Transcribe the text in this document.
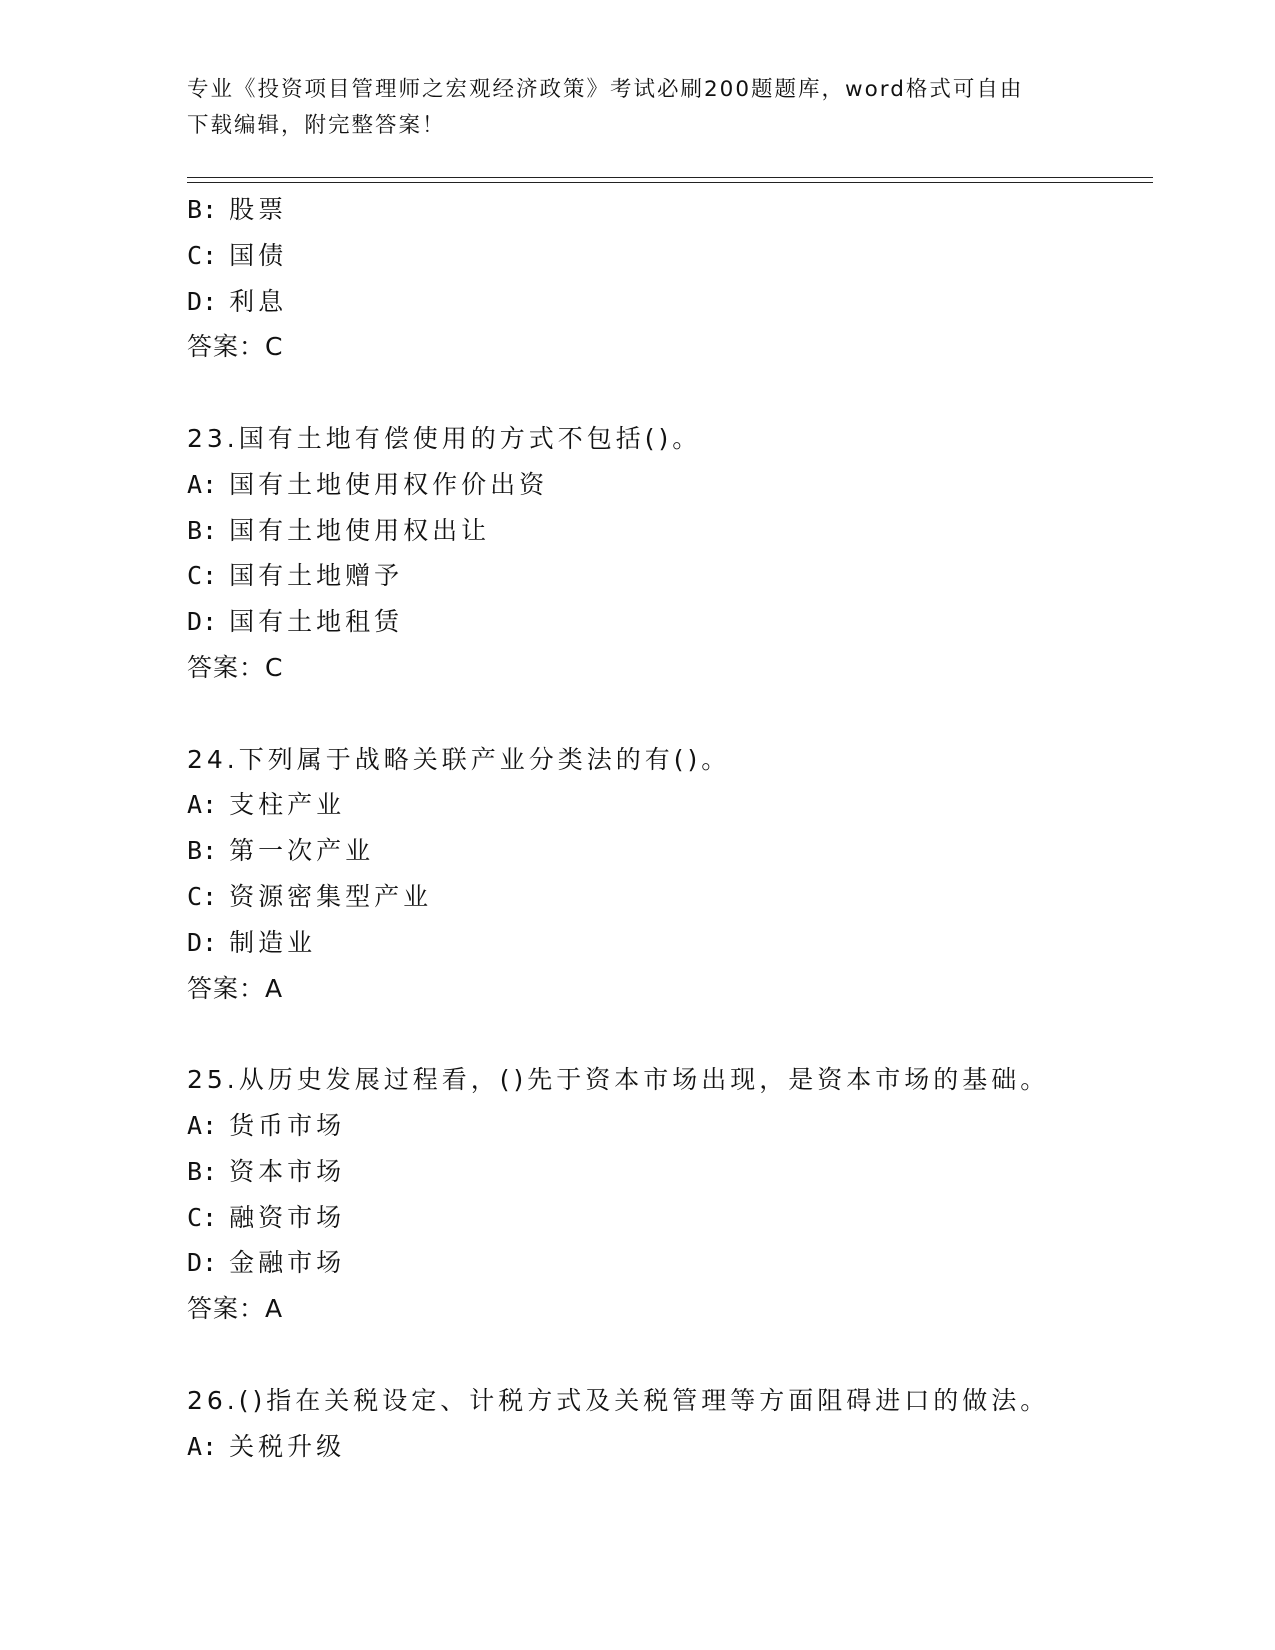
专业《投资项目管理师之宏观经济政策》考试必刷200题题库，word格式可自由
下载编辑，附完整答案！
B: 股票
C: 国债
D: 利息
答案：C
23.国有土地有偿使用的方式不包括()。
A: 国有土地使用权作价出资
B: 国有土地使用权出让
C: 国有土地赠予
D: 国有土地租赁
答案：C
24.下列属于战略关联产业分类法的有()。
A: 支柱产业
B: 第一次产业
C: 资源密集型产业
D: 制造业
答案：A
25.从历史发展过程看，()先于资本市场出现，是资本市场的基础。
A: 货币市场
B: 资本市场
C: 融资市场
D: 金融市场
答案：A
26.()指在关税设定、计税方式及关税管理等方面阻碍进口的做法。
A: 关税升级
